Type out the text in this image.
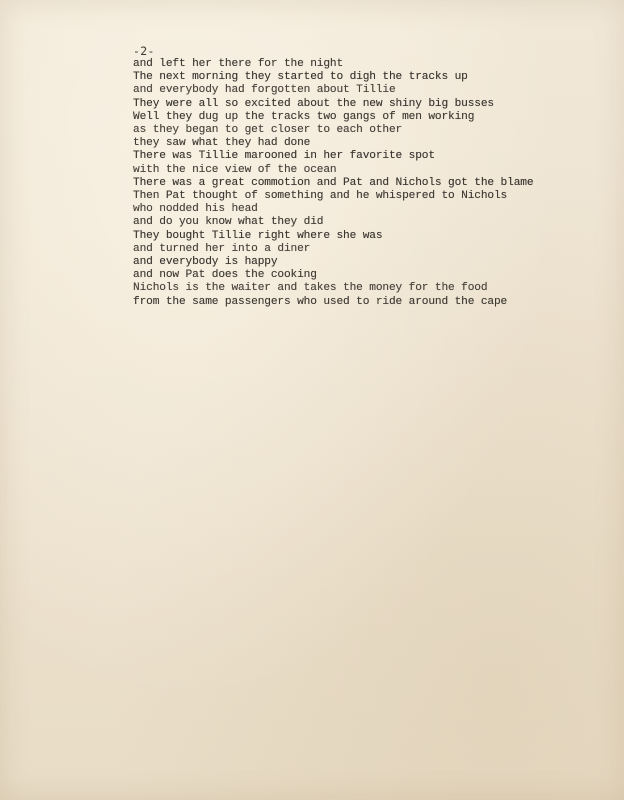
-2-
and left her there for the night
The next morning they started to digh the tracks up
and everybody had forgotten about Tillie
They were all so excited about the new shiny big busses
Well they dug up the tracks two gangs of men working
as they began to get closer to each other
they saw what they had done
There was Tillie marooned in her favorite spot
with the nice view of the ocean
There was a great commotion and Pat and Nichols got the blame
Then Pat thought of something and he whispered to Nichols
who nodded his head
and do you know what they did
They bought Tillie right where she was
and turned her into a diner
and everybody is happy
and now Pat does the cooking
Nichols is the waiter and takes the money for the food
from the same passengers who used to ride around the cape
